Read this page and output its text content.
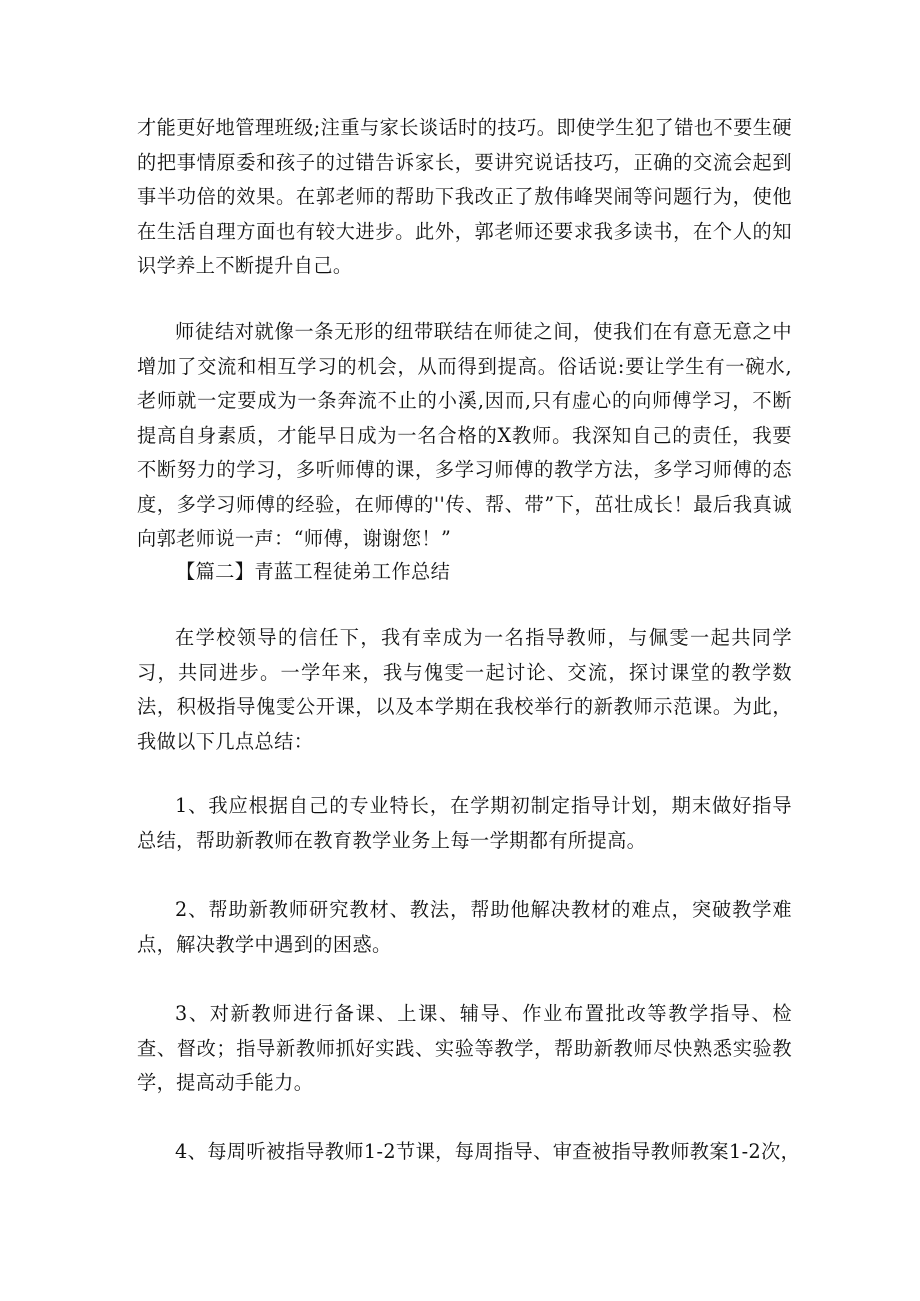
才能更好地管理班级;注重与家长谈话时的技巧。即使学生犯了错也不要生硬的把事情原委和孩子的过错告诉家长，要讲究说话技巧，正确的交流会起到事半功倍的效果。在郭老师的帮助下我改正了敖伟峰哭闹等问题行为，使他在生活自理方面也有较大进步。此外，郭老师还要求我多读书，在个人的知识学养上不断提升自己。

师徒结对就像一条无形的纽带联结在师徒之间，使我们在有意无意之中增加了交流和相互学习的机会，从而得到提高。俗话说:要让学生有一碗水,老师就一定要成为一条奔流不止的小溪,因而,只有虚心的向师傅学习，不断提高自身素质，才能早日成为一名合格的X教师。我深知自己的责任，我要不断努力的学习，多听师傅的课，多学习师傅的教学方法，多学习师傅的态度，多学习师傅的经验，在师傅的''传、帮、带”下，茁壮成长！最后我真诚向郭老师说一声：“师傅，谢谢您！”

【篇二】青蓝工程徒弟工作总结

在学校领导的信任下，我有幸成为一名指导教师，与佩雯一起共同学习，共同进步。一学年来，我与傀雯一起讨论、交流，探讨课堂的教学数法，积极指导傀雯公开课，以及本学期在我校举行的新教师示范课。为此，我做以下几点总结：

1、我应根据自己的专业特长，在学期初制定指导计划，期末做好指导总结，帮助新教师在教育教学业务上每一学期都有所提高。

2、帮助新教师研究教材、教法，帮助他解决教材的难点，突破教学难点，解决教学中遇到的困惑。

3、对新教师进行备课、上课、辅导、作业布置批改等教学指导、检查、督改；指导新教师抓好实践、实验等教学，帮助新教师尽快熟悉实验教学，提高动手能力。

4、每周听被指导教师1-2节课，每周指导、审查被指导教师教案1-2次，
